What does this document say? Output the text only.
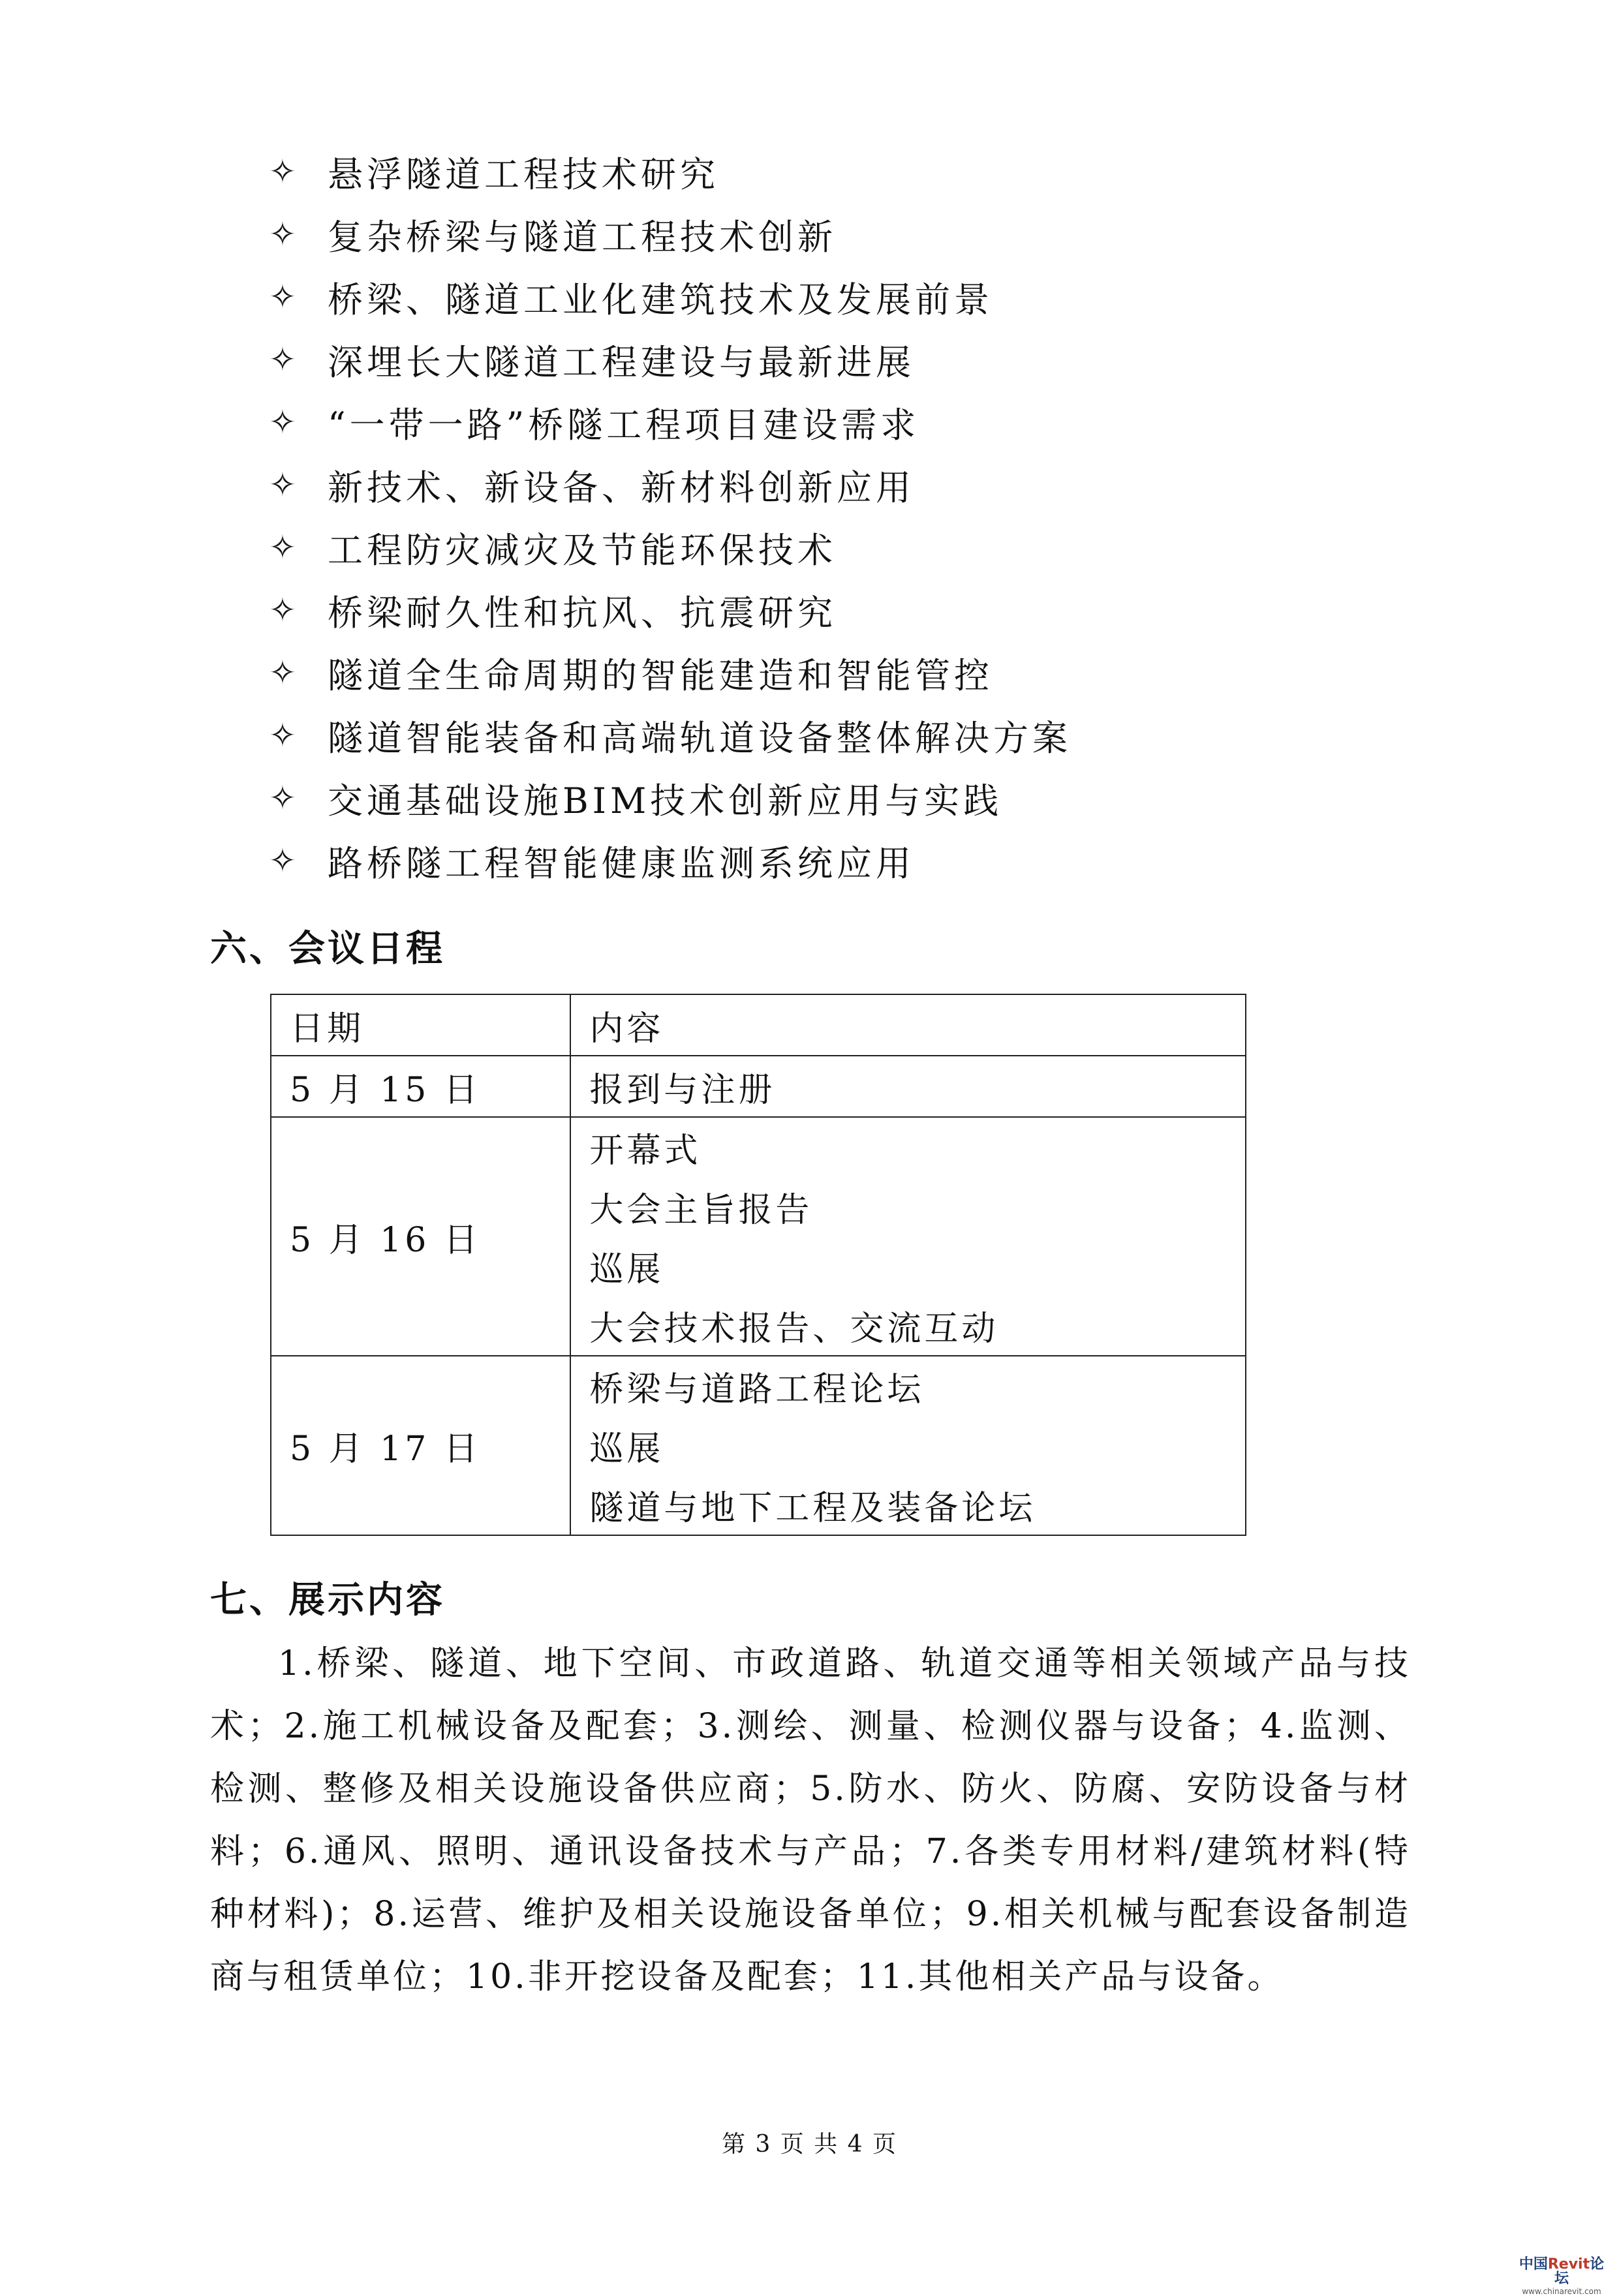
✧ 悬浮隧道工程技术研究
✧ 复杂桥梁与隧道工程技术创新
✧ 桥梁、隧道工业化建筑技术及发展前景
✧ 深埋长大隧道工程建设与最新进展
✧ “一带一路”桥隧工程项目建设需求
✧ 新技术、新设备、新材料创新应用
✧ 工程防灾减灾及节能环保技术
✧ 桥梁耐久性和抗风、抗震研究
✧ 隧道全生命周期的智能建造和智能管控
✧ 隧道智能装备和高端轨道设备整体解决方案
✧ 交通基础设施BIM技术创新应用与实践
✧ 路桥隧工程智能健康监测系统应用
六、会议日程
日期	内容
5 月 15 日	报到与注册

5 月 16 日	开幕式
大会主旨报告
巡展
大会技术报告、交流互动

5 月 17 日	桥梁与道路工程论坛
巡展
隧道与地下工程及装备论坛
七、展示内容

1.桥梁、隧道、地下空间、市政道路、轨道交通等相关领域产品与技术；2.施工机械设备及配套；3.测绘、测量、检测仪器与设备；4.监测、检测、整修及相关设施设备供应商；5.防水、防火、防腐、安防设备与材料；6.通风、照明、通讯设备技术与产品；7.各类专用材料/建筑材料(特种材料)；8.运营、维护及相关设施设备单位；9.相关机械与配套设备制造商与租赁单位；10.非开挖设备及配套；11.其他相关产品与设备。

第 3 页 共 4 页
中国Revit论坛
www.chinarevit.com
